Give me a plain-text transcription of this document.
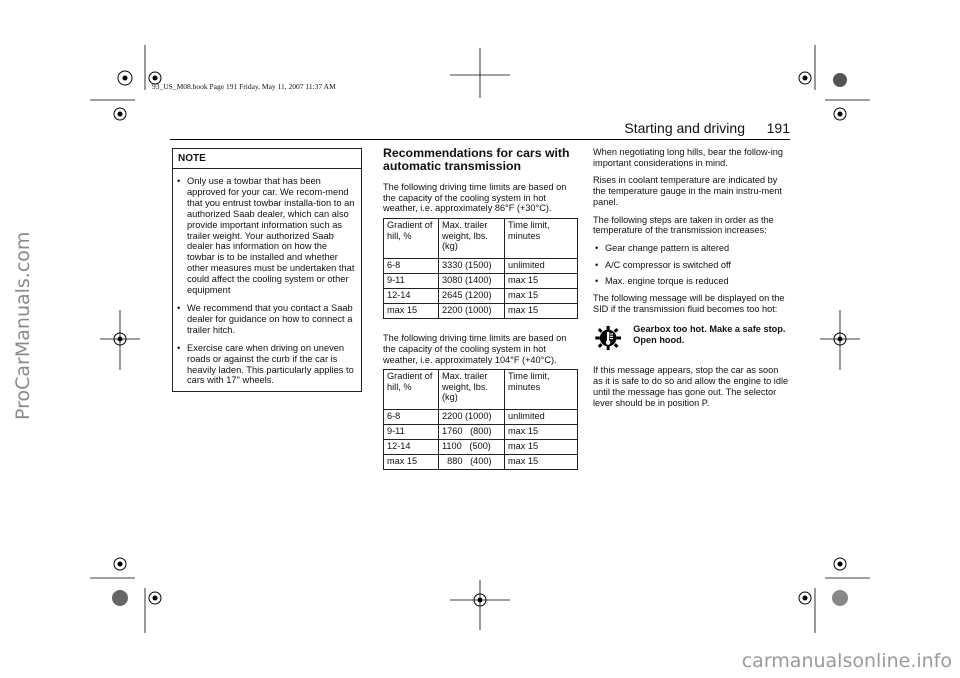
93_US_M08.book Page 191 Friday, May 11, 2007 11:37 AM
ProCarManuals.com
carmanualsonline.info
Starting and driving 191
NOTE
• Only use a towbar that has been approved for your car. We recom-mend that you entrust towbar installa-tion to an authorized Saab dealer, which can also provide important information such as trailer weight. Your authorized Saab dealer has information on how the towbar is to be installed and whether other measures must be undertaken that could affect the cooling system or other equipment
• We recommend that you contact a Saab dealer for guidance on how to connect a trailer hitch.
• Exercise care when driving on uneven roads or against the curb if the car is heavily laden. This particularly applies to cars with 17" wheels.
Recommendations for cars with automatic transmission

The following driving time limits are based on the capacity of the cooling system in hot weather, i.e. approximately 86°F (+30°C).

Gradient of hill, %	Max. trailer weight, lbs. (kg)	Time limit, minutes
6-8	3330 (1500)	unlimited
9-11	3080 (1400)	max 15
12-14	2645 (1200)	max 15
max 15	2200 (1000)	max 15

The following driving time limits are based on the capacity of the cooling system in hot weather, i.e. approximately 104°F (+40°C).

Gradient of hill, %	Max. trailer weight, lbs. (kg)	Time limit, minutes
6-8	2200 (1000)	unlimited
9-11	1760   (800)	max 15
12-14	1100   (500)	max 15
max 15	880   (400)	max 15

When negotiating long hills, bear the follow-ing important considerations in mind.

Rises in coolant temperature are indicated by the temperature gauge in the main instru-ment panel.

The following steps are taken in order as the temperature of the transmission increases:

• Gear change pattern is altered
• A/C compressor is switched off
• Max. engine torque is reduced

The following message will be displayed on the SID if the transmission fluid becomes too hot:

Gearbox too hot. Make a safe stop. Open hood.

If this message appears, stop the car as soon as it is safe to do so and allow the engine to idle until the message has gone out. The selector lever should be in position P.
